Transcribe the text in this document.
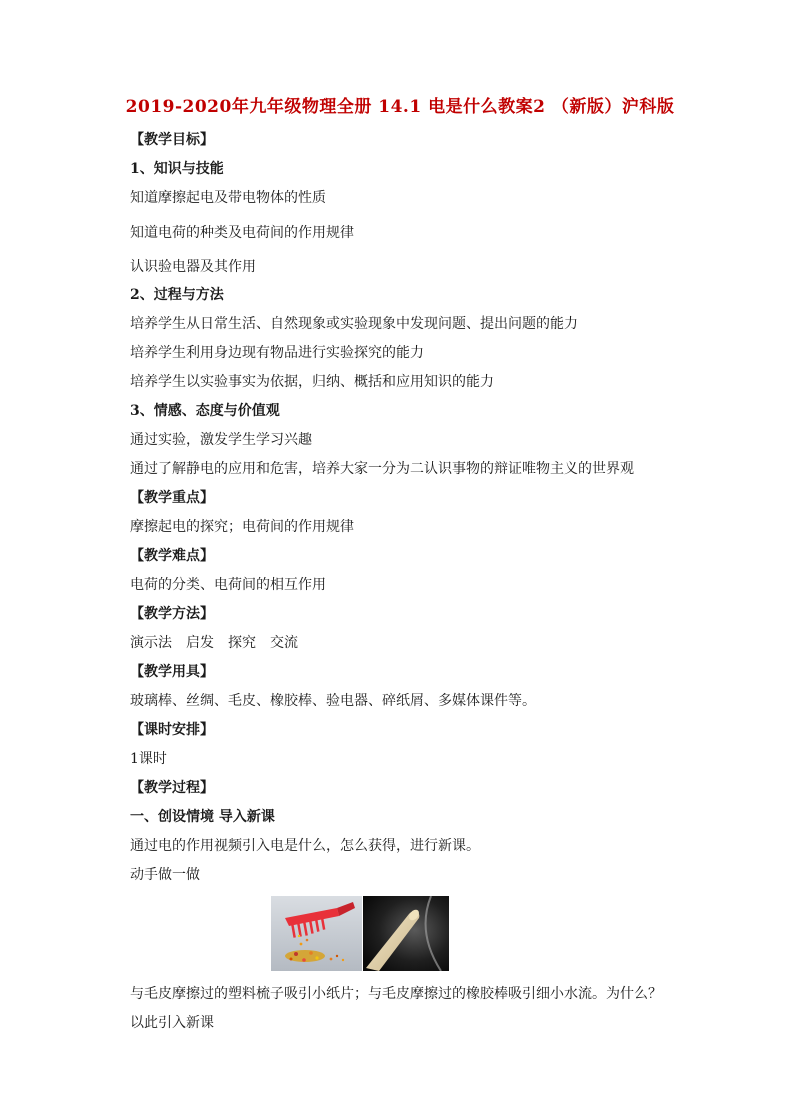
2019-2020年九年级物理全册 14.1 电是什么教案2 （新版）沪科版
【教学目标】
1、知识与技能
知道摩擦起电及带电物体的性质
知道电荷的种类及电荷间的作用规律
认识验电器及其作用
2、过程与方法
培养学生从日常生活、自然现象或实验现象中发现问题、提出问题的能力
培养学生利用身边现有物品进行实验探究的能力
培养学生以实验事实为依据，归纳、概括和应用知识的能力
3、情感、态度与价值观
通过实验，激发学生学习兴趣
通过了解静电的应用和危害，培养大家一分为二认识事物的辩证唯物主义的世界观
【教学重点】
摩擦起电的探究；电荷间的作用规律
【教学难点】
电荷的分类、电荷间的相互作用
【教学方法】
演示法　启发　探究　交流
【教学用具】
玻璃棒、丝绸、毛皮、橡胶棒、验电器、碎纸屑、多媒体课件等。
【课时安排】
1课时
【教学过程】
一、创设情境 导入新课
通过电的作用视频引入电是什么，怎么获得，进行新课。
动手做一做
与毛皮摩擦过的塑料梳子吸引小纸片；与毛皮摩擦过的橡胶棒吸引细小水流。为什么？
以此引入新课
